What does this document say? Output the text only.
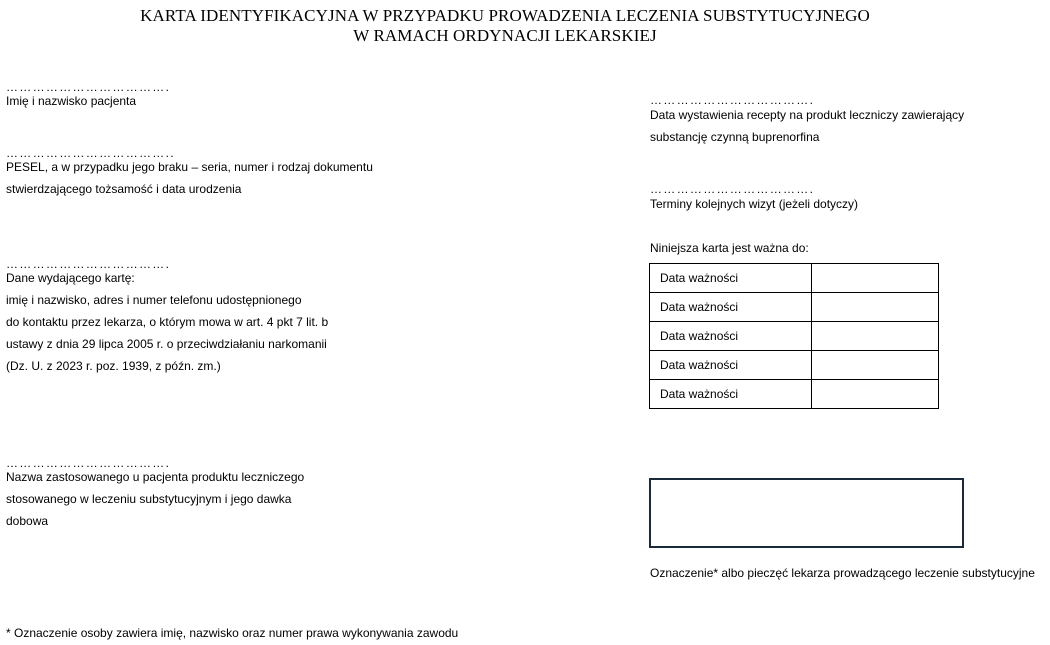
KARTA IDENTYFIKACYJNA W PRZYPADKU PROWADZENIA LECZENIA SUBSTYTUCYJNEGO
W RAMACH ORDYNACJI LEKARSKIEJ
……………………………….
Imię i nazwisko pacjenta
………………………………..
PESEL, a w przypadku jego braku – seria, numer i rodzaj dokumentu
stwierdzającego tożsamość i data urodzenia
……………………………….
Dane wydającego kartę:
imię i nazwisko, adres i numer telefonu udostępnionego
do kontaktu przez lekarza, o którym mowa w art. 4 pkt 7 lit. b
ustawy z dnia 29 lipca 2005 r. o przeciwdziałaniu narkomanii
(Dz. U. z 2023 r. poz. 1939, z późn. zm.)
……………………………….
Nazwa zastosowanego u pacjenta produktu leczniczego
stosowanego w leczeniu substytucyjnym i jego dawka
dobowa
……………………………….
Data wystawienia recepty na produkt leczniczy zawierający
substancję czynną buprenorfina
……………………………….
Terminy kolejnych wizyt (jeżeli dotyczy)
Niniejsza karta jest ważna do:
Data ważności	
Data ważności	
Data ważności	
Data ważności	
Data ważności	
Oznaczenie* albo pieczęć lekarza prowadzącego leczenie substytucyjne
* Oznaczenie osoby zawiera imię, nazwisko oraz numer prawa wykonywania zawodu
